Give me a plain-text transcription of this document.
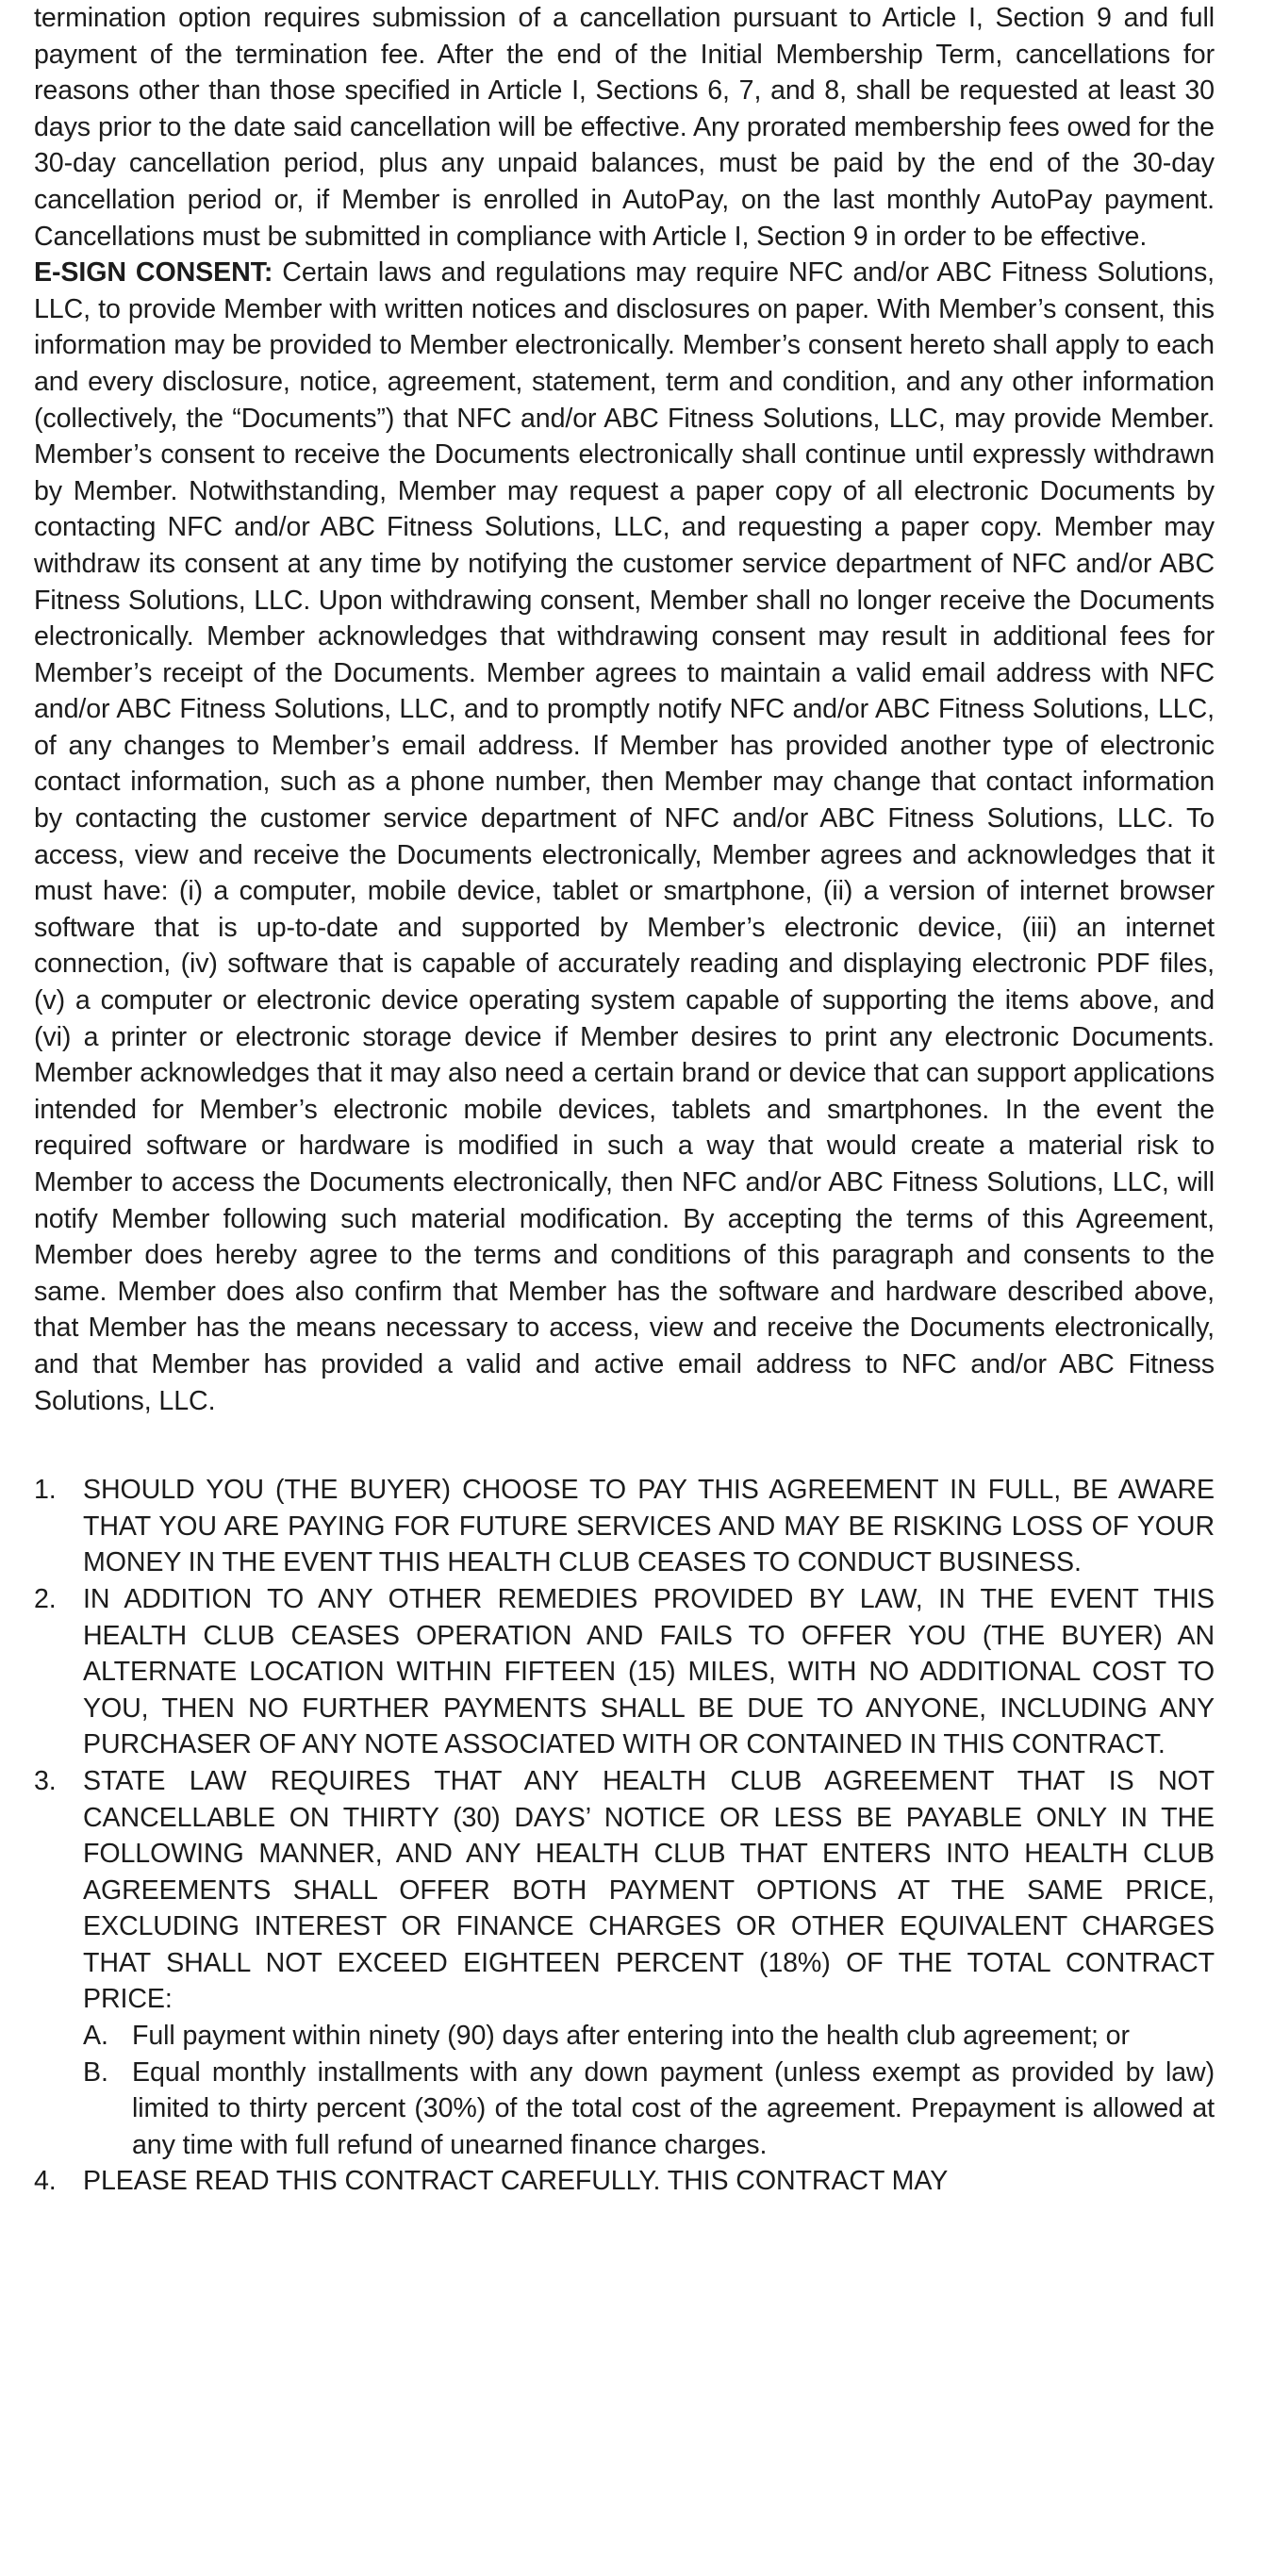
termination option requires submission of a cancellation pursuant to Article I, Section 9 and full payment of the termination fee. After the end of the Initial Membership Term, cancellations for reasons other than those specified in Article I, Sections 6, 7, and 8, shall be requested at least 30 days prior to the date said cancellation will be effective. Any prorated membership fees owed for the 30-day cancellation period, plus any unpaid balances, must be paid by the end of the 30-day cancellation period or, if Member is enrolled in AutoPay, on the last monthly AutoPay payment. Cancellations must be submitted in compliance with Article I, Section 9 in order to be effective.

E-SIGN CONSENT: Certain laws and regulations may require NFC and/or ABC Fitness Solutions, LLC, to provide Member with written notices and disclosures on paper. With Member’s consent, this information may be provided to Member electronically. Member’s consent hereto shall apply to each and every disclosure, notice, agreement, statement, term and condition, and any other information (collectively, the “Documents”) that NFC and/or ABC Fitness Solutions, LLC, may provide Member. Member’s consent to receive the Documents electronically shall continue until expressly withdrawn by Member. Notwithstanding, Member may request a paper copy of all electronic Documents by contacting NFC and/or ABC Fitness Solutions, LLC, and requesting a paper copy. Member may withdraw its consent at any time by notifying the customer service department of NFC and/or ABC Fitness Solutions, LLC. Upon withdrawing consent, Member shall no longer receive the Documents electronically. Member acknowledges that withdrawing consent may result in additional fees for Member’s receipt of the Documents. Member agrees to maintain a valid email address with NFC and/or ABC Fitness Solutions, LLC, and to promptly notify NFC and/or ABC Fitness Solutions, LLC, of any changes to Member’s email address. If Member has provided another type of electronic contact information, such as a phone number, then Member may change that contact information by contacting the customer service department of NFC and/or ABC Fitness Solutions, LLC. To access, view and receive the Documents electronically, Member agrees and acknowledges that it must have: (i) a computer, mobile device, tablet or smartphone, (ii) a version of internet browser software that is up-to-date and supported by Member’s electronic device, (iii) an internet connection, (iv) software that is capable of accurately reading and displaying electronic PDF files, (v) a computer or electronic device operating system capable of supporting the items above, and (vi) a printer or electronic storage device if Member desires to print any electronic Documents. Member acknowledges that it may also need a certain brand or device that can support applications intended for Member’s electronic mobile devices, tablets and smartphones. In the event the required software or hardware is modified in such a way that would create a material risk to Member to access the Documents electronically, then NFC and/or ABC Fitness Solutions, LLC, will notify Member following such material modification. By accepting the terms of this Agreement, Member does hereby agree to the terms and conditions of this paragraph and consents to the same. Member does also confirm that Member has the software and hardware described above, that Member has the means necessary to access, view and receive the Documents electronically, and that Member has provided a valid and active email address to NFC and/or ABC Fitness Solutions, LLC.

1. SHOULD YOU (THE BUYER) CHOOSE TO PAY THIS AGREEMENT IN FULL, BE AWARE THAT YOU ARE PAYING FOR FUTURE SERVICES AND MAY BE RISKING LOSS OF YOUR MONEY IN THE EVENT THIS HEALTH CLUB CEASES TO CONDUCT BUSINESS.
2. IN ADDITION TO ANY OTHER REMEDIES PROVIDED BY LAW, IN THE EVENT THIS HEALTH CLUB CEASES OPERATION AND FAILS TO OFFER YOU (THE BUYER) AN ALTERNATE LOCATION WITHIN FIFTEEN (15) MILES, WITH NO ADDITIONAL COST TO YOU, THEN NO FURTHER PAYMENTS SHALL BE DUE TO ANYONE, INCLUDING ANY PURCHASER OF ANY NOTE ASSOCIATED WITH OR CONTAINED IN THIS CONTRACT.
3. STATE LAW REQUIRES THAT ANY HEALTH CLUB AGREEMENT THAT IS NOT CANCELLABLE ON THIRTY (30) DAYS’ NOTICE OR LESS BE PAYABLE ONLY IN THE FOLLOWING MANNER, AND ANY HEALTH CLUB THAT ENTERS INTO HEALTH CLUB AGREEMENTS SHALL OFFER BOTH PAYMENT OPTIONS AT THE SAME PRICE, EXCLUDING INTEREST OR FINANCE CHARGES OR OTHER EQUIVALENT CHARGES THAT SHALL NOT EXCEED EIGHTEEN PERCENT (18%) OF THE TOTAL CONTRACT PRICE:
A. Full payment within ninety (90) days after entering into the health club agreement; or
B. Equal monthly installments with any down payment (unless exempt as provided by law) limited to thirty percent (30%) of the total cost of the agreement. Prepayment is allowed at any time with full refund of unearned finance charges.
4. PLEASE READ THIS CONTRACT CAREFULLY. THIS CONTRACT MAY
